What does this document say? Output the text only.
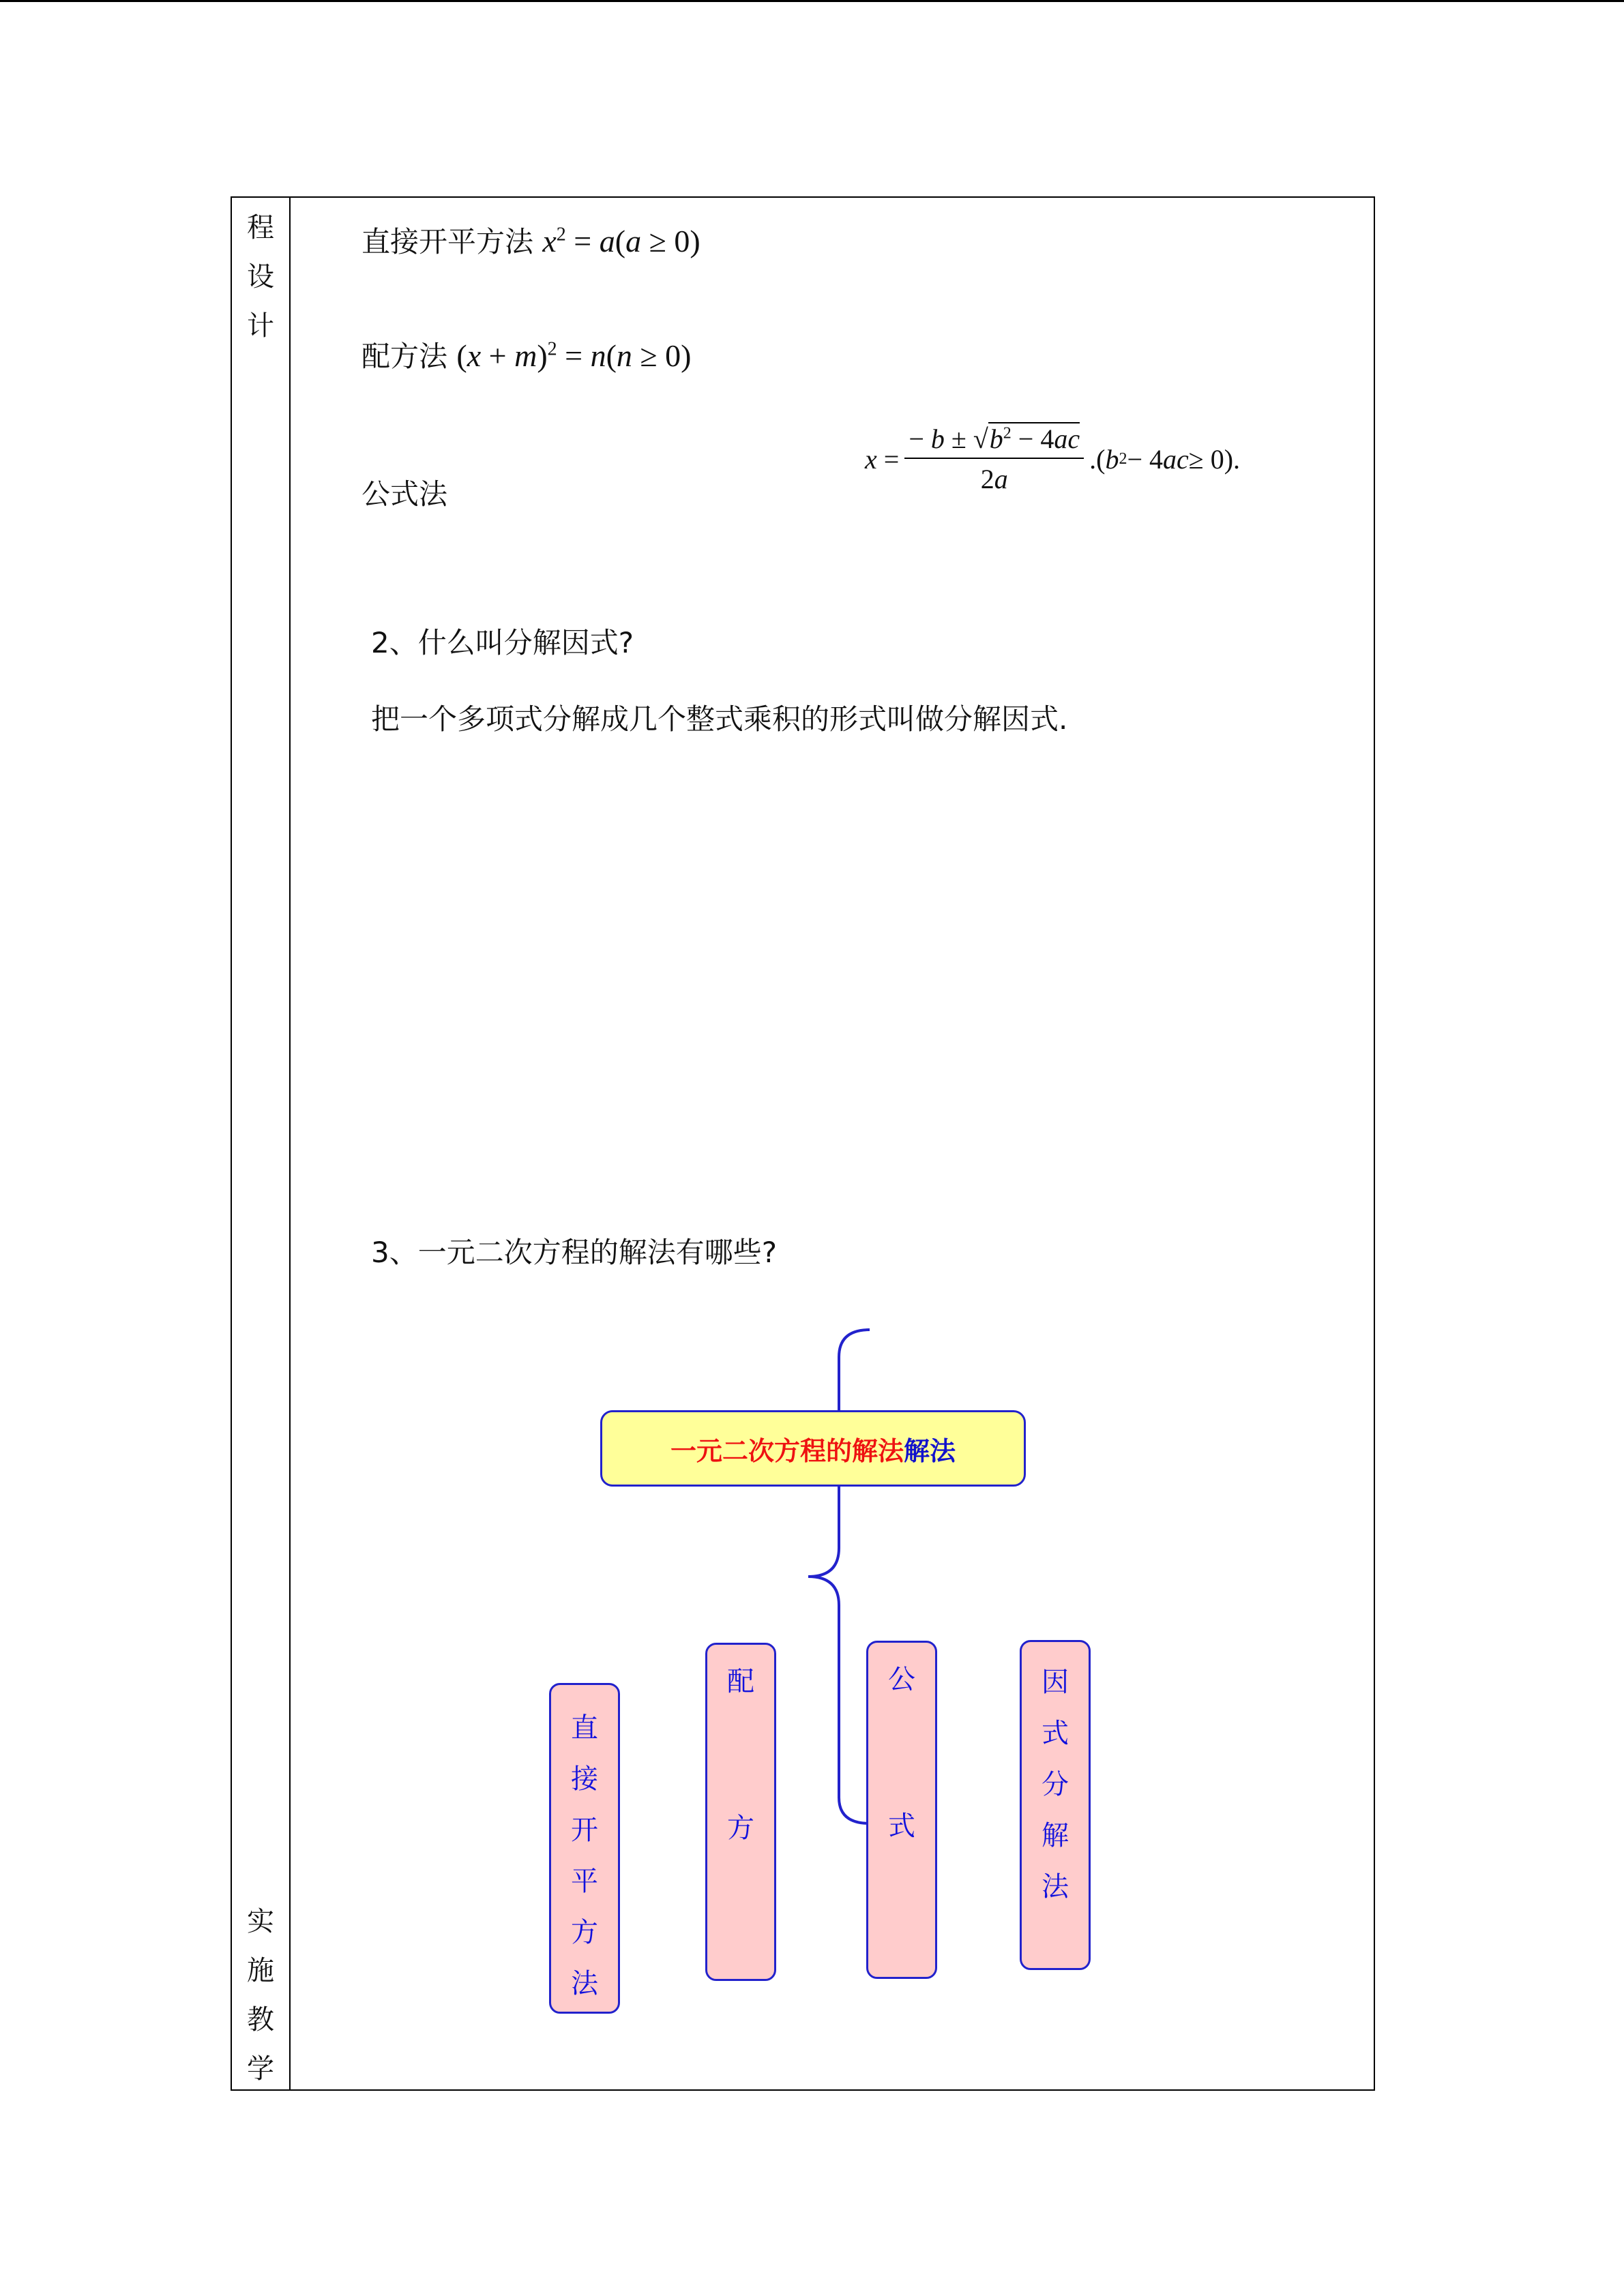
程
设
计
实
施
教
学
直接开平方法 $x^2 = a(a \ge 0)$
配方法 $(x + m)^2 = n(n \ge 0)$
公式法
$x = \frac{- b \pm √b^2 - 4ac}{2a}$ .( b 2 − 4 ac ≥ 0).
2、什么叫分解因式?
把一个多项式分解成几个整式乘积的形式叫做分解因式.
3、一元二次方程的解法有哪些?
一元二次方程的解法 解法
直
接
开
平
方
法
配
方
公
式
因
式
分
解
法
